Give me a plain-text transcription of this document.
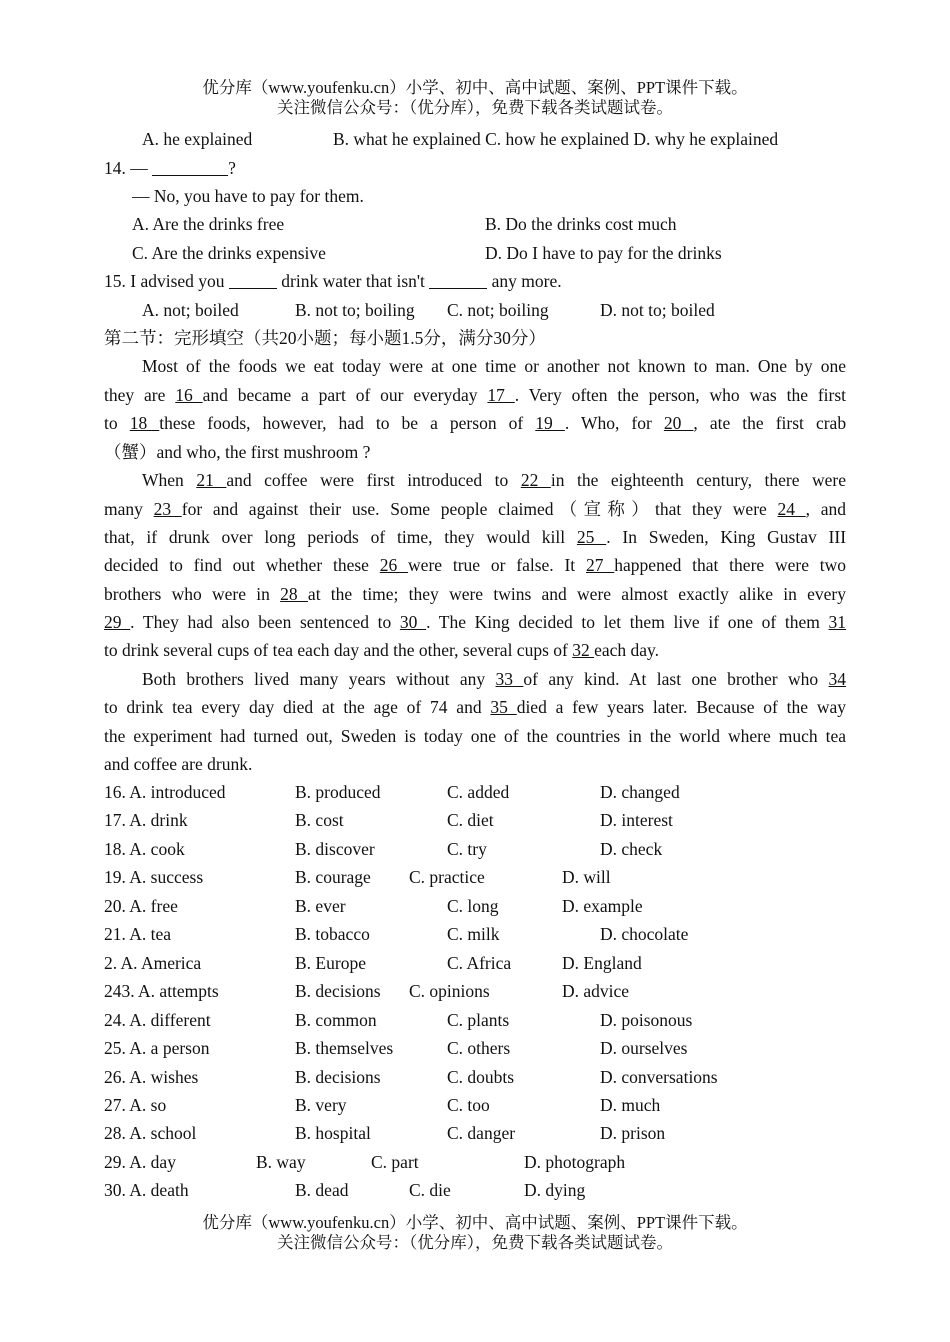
优分库（www.youfenku.cn）小学、初中、高中试题、案例、PPT课件下载。
关注微信公众号：（优分库），免费下载各类试题试卷。
A. he explained	B. what he explained C. how he explained D. why he explained
14. —	?
— No, you have to pay for them.
A. Are the drinks free	B. Do the drinks cost much
C. Are the drinks expensive	D. Do I have to pay for the drinks
15. I advised you	drink water that isn't	any more.
A. not; boiled	B. not to; boiling C. not; boiling	D. not to; boiled
第二节：完形填空（共20小题；每小题1.5分，满分30分）
Most of the foods we eat today were at one time or another not known to man. One by one
they are 16 and became a part of our everyday 17 . Very often the person, who was the first
to 18 these foods, however, had to be a person of 19 . Who, for 20 , ate the first crab
（蟹）and who, the first mushroom ?
When 21 and coffee were first introduced to 22 in the eighteenth century, there were
many 23 for and against their use. Some people claimed（宣称）that they were 24 , and
that, if drunk over long periods of time, they would kill 25 . In Sweden, King Gustav III
decided to find out whether these 26 were true or false. It 27 happened that there were two
brothers who were in 28 at the time; they were twins and were almost exactly alike in every
29 . They had also been sentenced to 30 . The King decided to let them live if one of them 31
to drink several cups of tea each day and the other, several cups of 32 each day.
Both brothers lived many years without any 33 of any kind. At last one brother who 34
to drink tea every day died at the age of 74 and 35 died a few years later. Because of the way
the experiment had turned out, Sweden is today one of the countries in the world where much tea
and coffee are drunk.
16. A. introduced	B. produced	C. added	D. changed
17. A. drink	B. cost	C. diet	D. interest
18. A. cook	B. discover	C. try	D. check
19. A. success	B. courage C. practice	D. will
20. A. free	B. ever	C. long	D. example
21. A. tea	B. tobacco	C. milk	D. chocolate
2. A. America	B. Europe	C. Africa	D. England
243. A. attempts	B. decisions C. opinions	D. advice
24. A. different	B. common	C. plants	D. poisonous
25. A. a person	B. themselves	C. others	D. ourselves
26. A. wishes	B. decisions	C. doubts	D. conversations
27. A. so	B. very	C. too	D. much
28. A. school	B. hospital	C. danger	D. prison
29. A. day	B. way	C. part	D. photograph
30. A. death	B. dead	C. die	D. dying
优分库（www.youfenku.cn）小学、初中、高中试题、案例、PPT课件下载。
关注微信公众号：（优分库），免费下载各类试题试卷。
